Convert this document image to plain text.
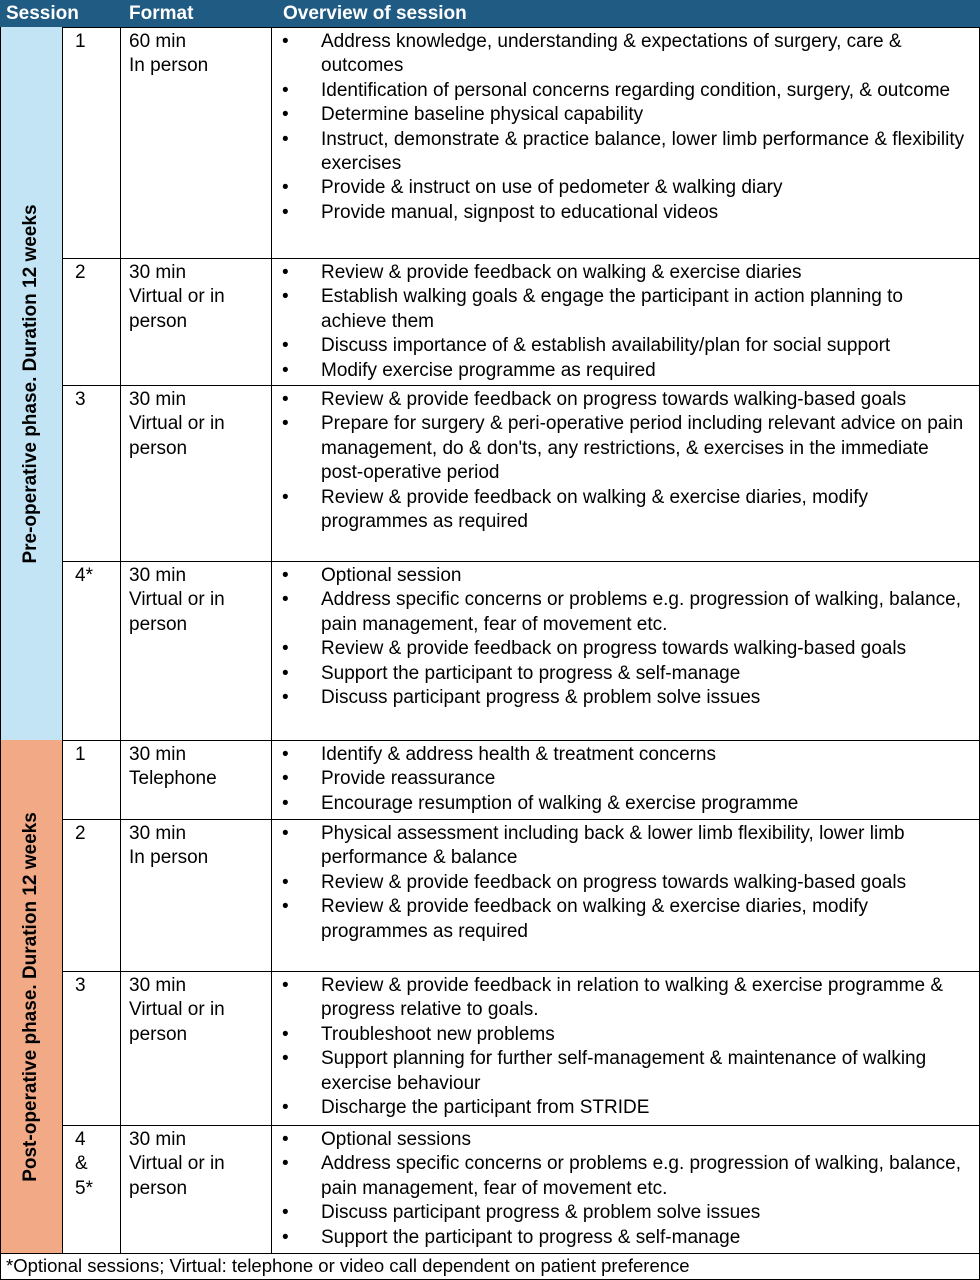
Session	Format	Overview of session
Pre-operative phase. Duration 12 weeks
Post-operative phase. Duration 12 weeks
1 60 min
In person
• Address knowledge, understanding & expectations of surgery, care & outcomes
• Identification of personal concerns regarding condition, surgery, & outcome
• Determine baseline physical capability
• Instruct, demonstrate & practice balance, lower limb performance & flexibility exercises
• Provide & instruct on use of pedometer & walking diary
• Provide manual, signpost to educational videos
2 30 min
Virtual or in
person
• Review & provide feedback on walking & exercise diaries
• Establish walking goals & engage the participant in action planning to achieve them
• Discuss importance of & establish availability/plan for social support
• Modify exercise programme as required
3 30 min
Virtual or in
person
• Review & provide feedback on progress towards walking-based goals
• Prepare for surgery & peri-operative period including relevant advice on pain management, do & don'ts, any restrictions, & exercises in the immediate post-operative period
• Review & provide feedback on walking & exercise diaries, modify programmes as required
4* 30 min
Virtual or in
person
• Optional session
• Address specific concerns or problems e.g. progression of walking, balance, pain management, fear of movement etc.
• Review & provide feedback on progress towards walking-based goals
• Support the participant to progress & self-manage
• Discuss participant progress & problem solve issues
1 30 min
Telephone
• Identify & address health & treatment concerns
• Provide reassurance
• Encourage resumption of walking & exercise programme
2 30 min
In person
• Physical assessment including back & lower limb flexibility, lower limb performance & balance
• Review & provide feedback on progress towards walking-based goals
• Review & provide feedback on walking & exercise diaries, modify programmes as required
3 30 min
Virtual or in
person
• Review & provide feedback in relation to walking & exercise programme & progress relative to goals.
• Troubleshoot new problems
• Support planning for further self-management & maintenance of walking exercise behaviour
• Discharge the participant from STRIDE
4
&
5*
30 min
Virtual or in
person
• Optional sessions
• Address specific concerns or problems e.g. progression of walking, balance, pain management, fear of movement etc.
• Discuss participant progress & problem solve issues
• Support the participant to progress & self-manage
*Optional sessions; Virtual: telephone or video call dependent on patient preference
